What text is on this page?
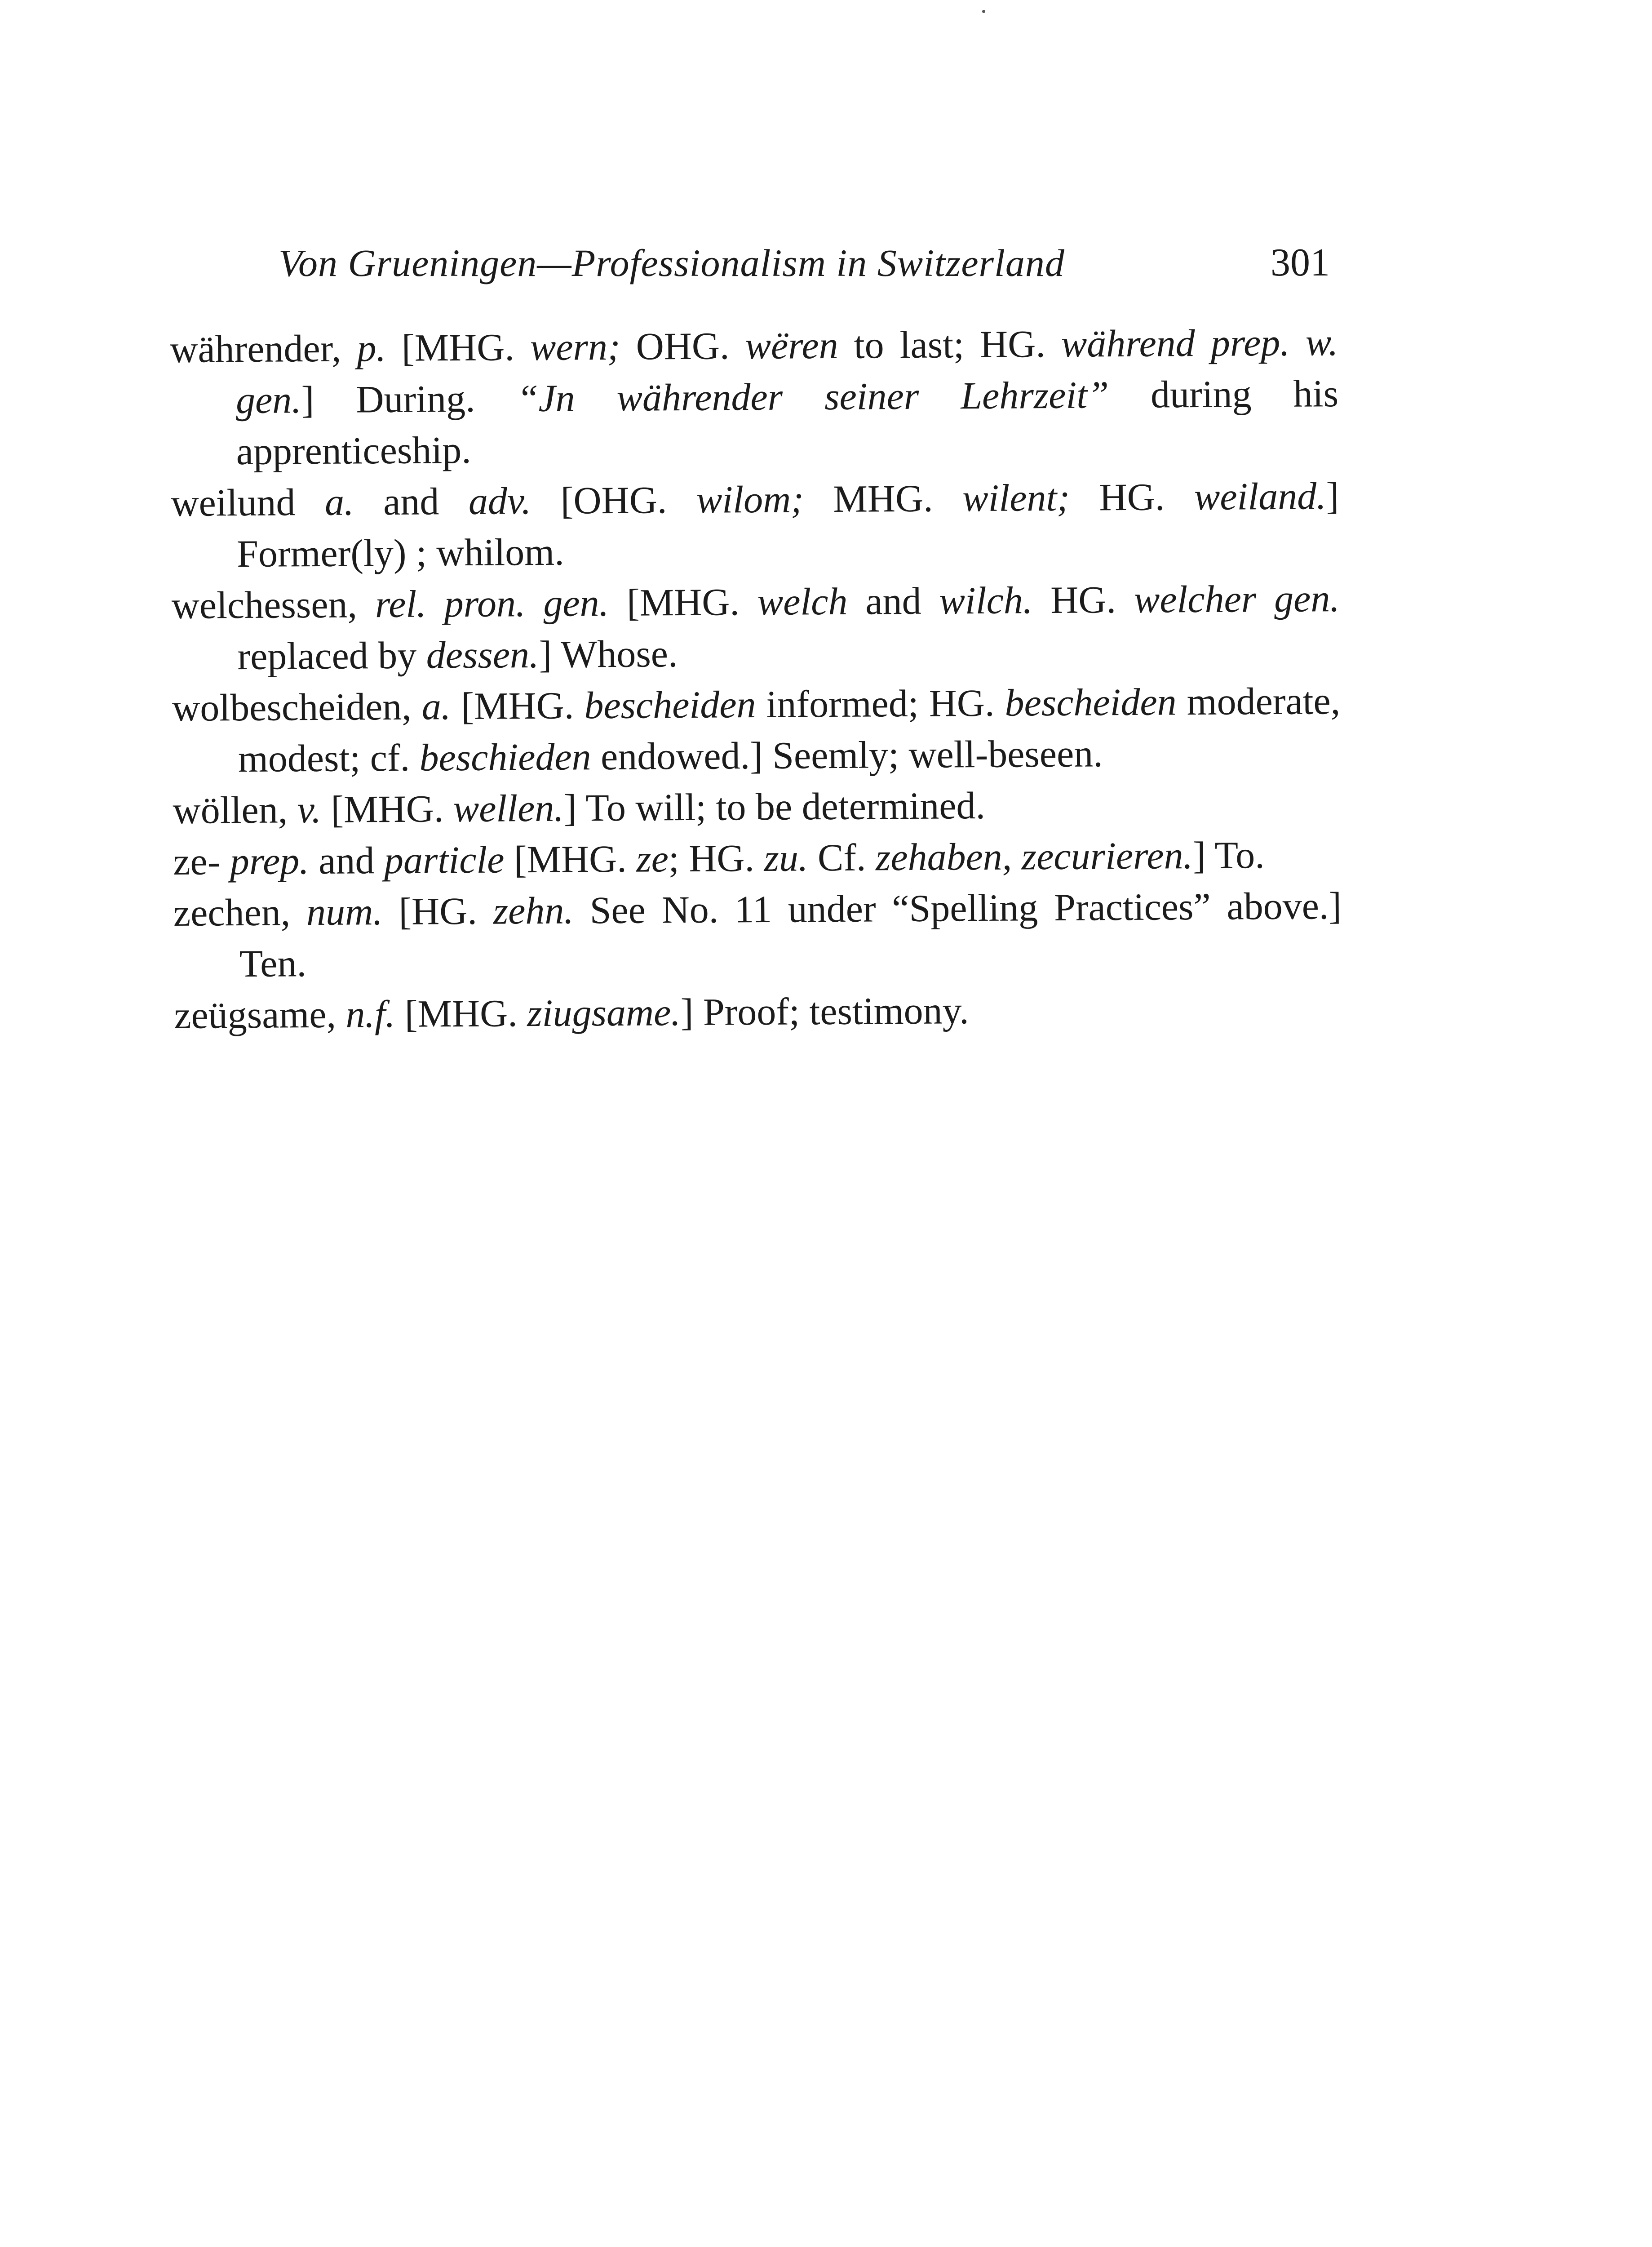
Von Grueningen—Professionalism in Switzerland	301

währender, p. [MHG. wern; OHG. wëren to last; HG. während prep. w. gen.] During. “Jn währender seiner Lehrzeit” during his apprenticeship.

weilund a. and adv. [OHG. wilom; MHG. wilent; HG. weiland.] Former(ly) ; whilom.

welchessen, rel. pron. gen. [MHG. welch and wilch. HG. welcher gen. replaced by dessen.] Whose.

wolbescheiden, a. [MHG. bescheiden informed; HG. bescheiden moderate, modest; cf. beschieden endowed.] Seemly; well-beseen.

wöllen, v. [MHG. wellen.] To will; to be determined.

ze- prep. and particle [MHG. ze; HG. zu. Cf. zehaben, zecurieren.] To.

zechen, num. [HG. zehn. See No. 11 under “Spelling Practices” above.] Ten.

zeügsame, n.f. [MHG. ziugsame.] Proof; testimony.
